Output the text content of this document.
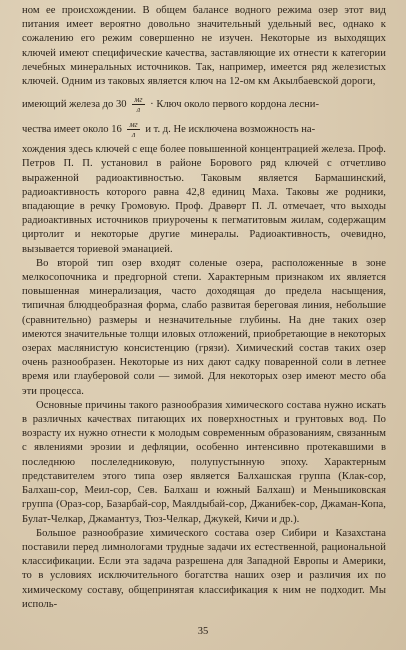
ном ее происхождении. В общем балансе водного режима озер этот вид питания имеет вероятно довольно значительный удельный вес, однако к сожалению его режим совершенно не изучен. Некоторые из выходящих ключей имеют специфические качества, заставляющие их отнести к категории лечебных минеральных источников. Так, например, имеется ряд железистых ключей. Одним из таковых является ключ на 12-ом км Акылбаевской дороги,

имеющий железа до $30 \frac{мг}{л}$ · Ключ около первого кордона лесни-
чества имеет около $16 \frac{мг}{л}$ и т. д. Не исключена возможность на-

хождения здесь ключей с еще более повышенной концентрацией железа. Проф. Петров П. П. установил в районе Борового ряд ключей с отчетливо выраженной радиоактивностью. Таковым является Бармашинский, радиоактивность которого равна 42,8 единиц Маха. Таковы же родники, впадающие в речку Громовую. Проф. Дравөрт П. Л. отмечает, что выходы радиоактивных источников приурочены к пегматитовым жилам, содержащим циртолит и некоторые другие минералы. Радиоактивность, очевидно, вызывается ториевой эманацией.

Во второй тип озер входят соленые озера, расположенные в зоне мелкосопочника и предгорной степи. Характерным признаком их является повышенная минерализация, часто доходящая до предела насыщения, типичная блюдцеобразная форма, слабо развитая береговая линия, небольшие (сравнительно) размеры и незначительные глубины. На дне таких озер имеются значительные толщи иловых отложений, приобретающие в некоторых озерах маслянистую консистенцию (грязи). Химический состав таких озер очень разнообразен. Некоторые из них дают садку поваренной соли в летнее время или глауберовой соли — зимой. Для некоторых озер имеют место оба эти процесса.

Основные причины такого разнообразия химического состава нужно искать в различных качествах питающих их поверхностных и грунтовых вод. По возрасту их нужно отнести к молодым современным образованиям, связанным с явлениями эрозии и дефляции, особенно интенсивно протекавшими в последнюю послеледниковую, полупустынную эпоху. Характерным представителем этого типа озер является Балхашская группа (Клак-сор, Балхаш-сор, Меил-сор, Сев. Балхаш и южный Балхаш) и Меньшиковская группа (Ораз-сор, Базарбай-сор, Маялдыбай-сор, Джанибек-сор, Джаман-Копа, Булат-Челкар, Джамантуз, Тюз-Челкар, Джукей, Кичи и др.).

Большое разнообразие химического состава озер Сибири и Казахстана поставили перед лимнологами трудные задачи их естественной, рациональной классификации. Если эта задача разрешена для Западной Европы и Америки, то в условиях исключительного богатства наших озер и различия их по химическому составу, общепринятая классификация к ним не подходит. Мы исполь-

35
